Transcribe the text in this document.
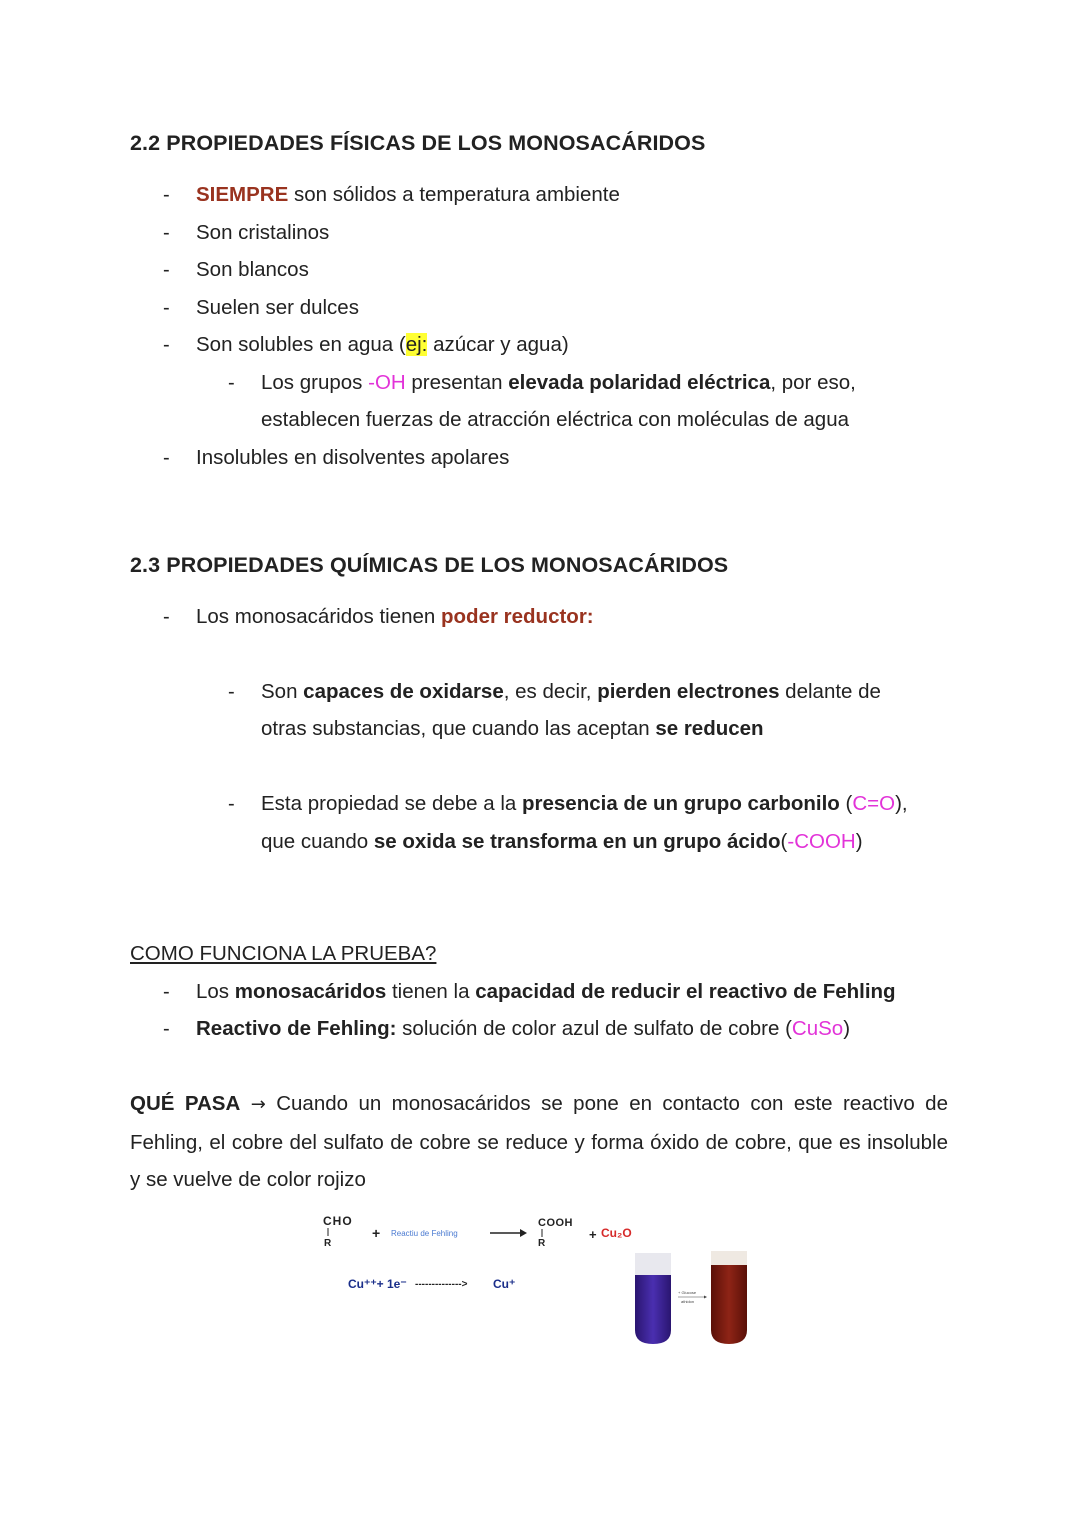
2.2 PROPIEDADES FÍSICAS DE LOS MONOSACÁRIDOS
- SIEMPRE son sólidos a temperatura ambiente
- Son cristalinos
- Son blancos
- Suelen ser dulces
- Son solubles en agua (ej: azúcar y agua)
- Los grupos -OH presentan elevada polaridad eléctrica, por eso,
establecen fuerzas de atracción eléctrica con moléculas de agua
- Insolubles en disolventes apolares
2.3 PROPIEDADES QUÍMICAS DE LOS MONOSACÁRIDOS
- Los monosacáridos tienen poder reductor:
- Son capaces de oxidarse, es decir, pierden electrones delante de
otras substancias, que cuando las aceptan se reducen
- Esta propiedad se debe a la presencia de un grupo carbonilo (C=O),
que cuando se oxida se transforma en un grupo ácido(-COOH)
COMO FUNCIONA LA PRUEBA?
- Los monosacáridos tienen la capacidad de reducir el reactivo de Fehling
- Reactivo de Fehling: solución de color azul de sulfato de cobre (CuSo)
QUÉ PASA → Cuando un monosacáridos se pone en contacto con este reactivo de Fehling, el cobre del sulfato de cobre se reduce y forma óxido de cobre, que es insoluble y se vuelve de color rojizo
CHO
R
+ Reactiu de Fehling
COOH
R
+ Cu₂O
Cu⁺⁺+ 1e⁻ --------------> Cu⁺
+ Glucose
athidon
